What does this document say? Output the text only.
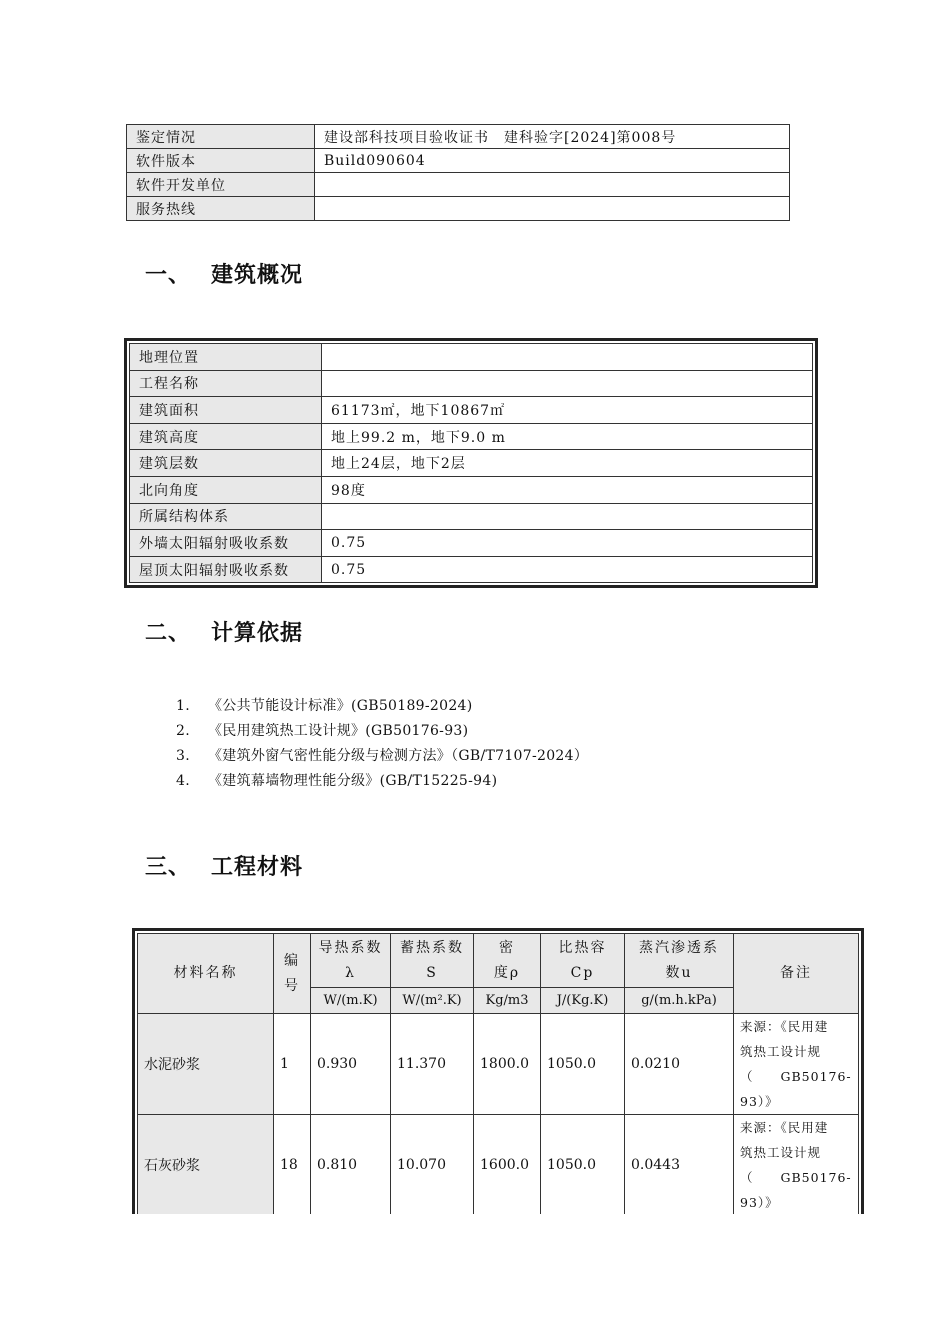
鉴定情况	建设部科技项目验收证书　建科验字[2024]第008号
软件版本	Build090604
软件开发单位	
服务热线	
一、 建筑概况
地理位置	
工程名称	
建筑面积	61173㎡，地下10867㎡
建筑高度	地上99.2 m，地下9.0 m
建筑层数	地上24层，地下2层
北向角度	98度
所属结构体系	
外墙太阳辐射吸收系数	0.75
屋顶太阳辐射吸收系数	0.75
二、 计算依据
1. 《公共节能设计标准》(GB50189-2024)
2. 《民用建筑热工设计规》(GB50176-93)
3. 《建筑外窗气密性能分级与检测方法》（GB/T7107-2024）
4. 《建筑幕墙物理性能分级》(GB/T15225-94)
三、 工程材料
材料名称	编号	导热系数λ	蓄热系数S	密度ρ	比热容Cp	蒸汽渗透系数u	备注
		W/(m.K)	W/(m².K)	Kg/m3	J/(Kg.K)	g/(m.h.kPa)	
水泥砂浆	1	0.930	11.370	1800.0	1050.0	0.0210	来源：《民用建
筑热工设计规
（　　GB50176-
93）》

石灰砂浆	18	0.810	10.070	1600.0	1050.0	0.0443	来源：《民用建
筑热工设计规
（　　GB50176-
93）》
